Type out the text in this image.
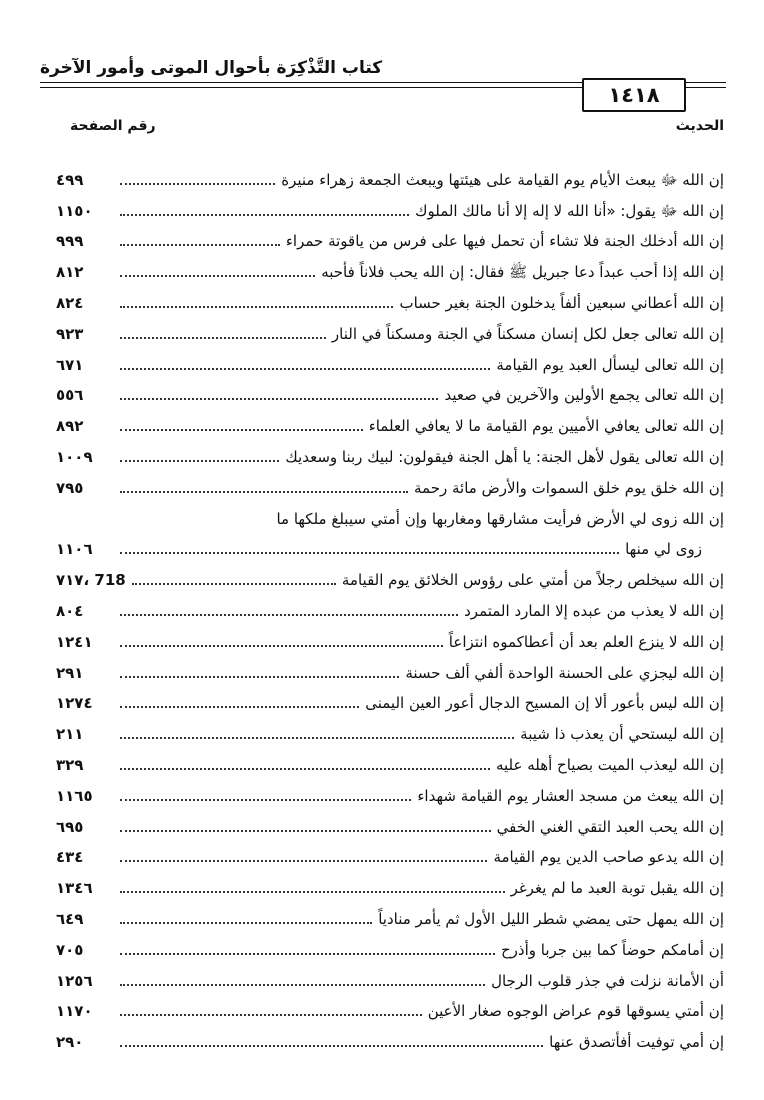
كتاب التَّذْكِرَة بأحوال الموتى وأمور الآخرة
١٤١٨
الحديث
رقم الصفحة
إن الله ﷻ يبعث الأيام يوم القيامة على هيئتها ويبعث الجمعة زهراء منيرة
٤٩٩
إن الله ﷻ يقول: «أنا الله لا إله إلا أنا مالك الملوك
١١٥٠
إن الله أدخلك الجنة فلا تشاء أن تحمل فيها على فرس من ياقوتة حمراء
٩٩٩
إن الله إذا أحب عبداً دعا جبريل ﷺ فقال: إن الله يحب فلاناً فأحبه
٨١٢
إن الله أعطاني سبعين ألفاً يدخلون الجنة بغير حساب
٨٢٤
إن الله تعالى جعل لكل إنسان مسكناً في الجنة ومسكناً في النار
٩٢٣
إن الله تعالى ليسأل العبد يوم القيامة
٦٧١
إن الله تعالى يجمع الأولين والآخرين في صعيد
٥٥٦
إن الله تعالى يعافي الأميين يوم القيامة ما لا يعافي العلماء
٨٩٢
إن الله تعالى يقول لأهل الجنة: يا أهل الجنة فيقولون: لبيك ربنا وسعديك
١٠٠٩
إن الله خلق يوم خلق السموات والأرض مائة رحمة
٧٩٥
إن الله زوى لي الأرض فرأيت مشارقها ومغاربها وإن أمتي سيبلغ ملكها ما
زوى لي منها
١١٠٦
إن الله سيخلص رجلاً من أمتي على رؤوس الخلائق يوم القيامة
٧١٧، 718
إن الله لا يعذب من عبده إلا المارد المتمرد
٨٠٤
إن الله لا ينزع العلم بعد أن أعطاكموه انتزاعاً
١٢٤١
إن الله ليجزي على الحسنة الواحدة ألفي ألف حسنة
٢٩١
إن الله ليس بأعور ألا إن المسيح الدجال أعور العين اليمنى
١٢٧٤
إن الله ليستحي أن يعذب ذا شيبة
٢١١
إن الله ليعذب الميت بصياح أهله عليه
٣٢٩
إن الله يبعث من مسجد العشار يوم القيامة شهداء
١١٦٥
إن الله يحب العبد التقي الغني الخفي
٦٩٥
إن الله يدعو صاحب الدين يوم القيامة
٤٣٤
إن الله يقبل توبة العبد ما لم يغرغر
١٣٤٦
إن الله يمهل حتى يمضي شطر الليل الأول ثم يأمر منادياً
٦٤٩
إن أمامكم حوضاً كما بين جربا وأذرح
٧٠٥
أن الأمانة نزلت في جذر قلوب الرجال
١٢٥٦
إن أمتي يسوقها قوم عراض الوجوه صغار الأعين
١١٧٠
إن أمي توفيت أفأتصدق عنها
٢٩٠
